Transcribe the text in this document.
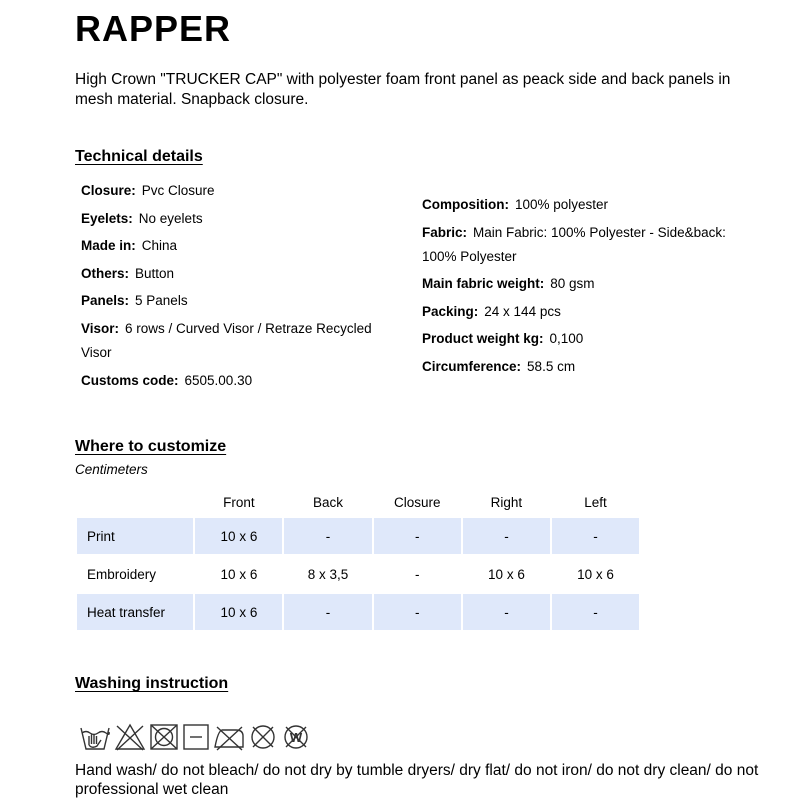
RAPPER
High Crown "TRUCKER CAP" with polyester foam front panel as peack side and back panels in mesh material. Snapback closure.
Technical details
Closure: Pvc Closure
Eyelets: No eyelets
Made in: China
Others: Button
Panels: 5 Panels
Visor: 6 rows / Curved Visor / Retraze Recycled Visor
Customs code: 6505.00.30
Composition: 100% polyester
Fabric: Main Fabric: 100% Polyester - Side&back: 100% Polyester
Main fabric weight: 80 gsm
Packing: 24 x 144 pcs
Product weight kg: 0,100
Circumference: 58.5 cm
Where to customize
Centimeters
	Front	Back	Closure	Right	Left

Print	10 x 6	-	-	-	-

Embroidery	10 x 6	8 x 3,5	-	10 x 6	10 x 6

Heat transfer	10 x 6	-	-	-	-
Washing instruction
W
Hand wash/ do not bleach/ do not dry by tumble dryers/ dry flat/ do not iron/ do not dry clean/ do not professional wet clean
